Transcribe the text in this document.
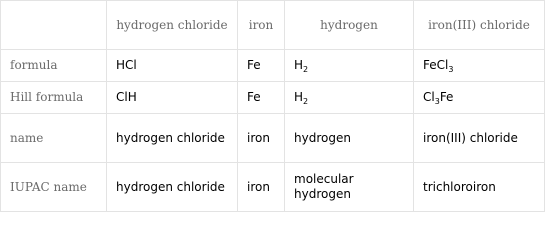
	hydrogen chloride	iron	hydrogen	iron(III) chloride
formula	HCl	Fe	$H_2$	FeCl$_3$
Hill formula	ClH	Fe	$H_2$	$Cl_3Fe$
name	hydrogen chloride	iron	hydrogen	iron(III) chloride
IUPAC name	hydrogen chloride	iron	molecular hydrogen	trichloroiron
